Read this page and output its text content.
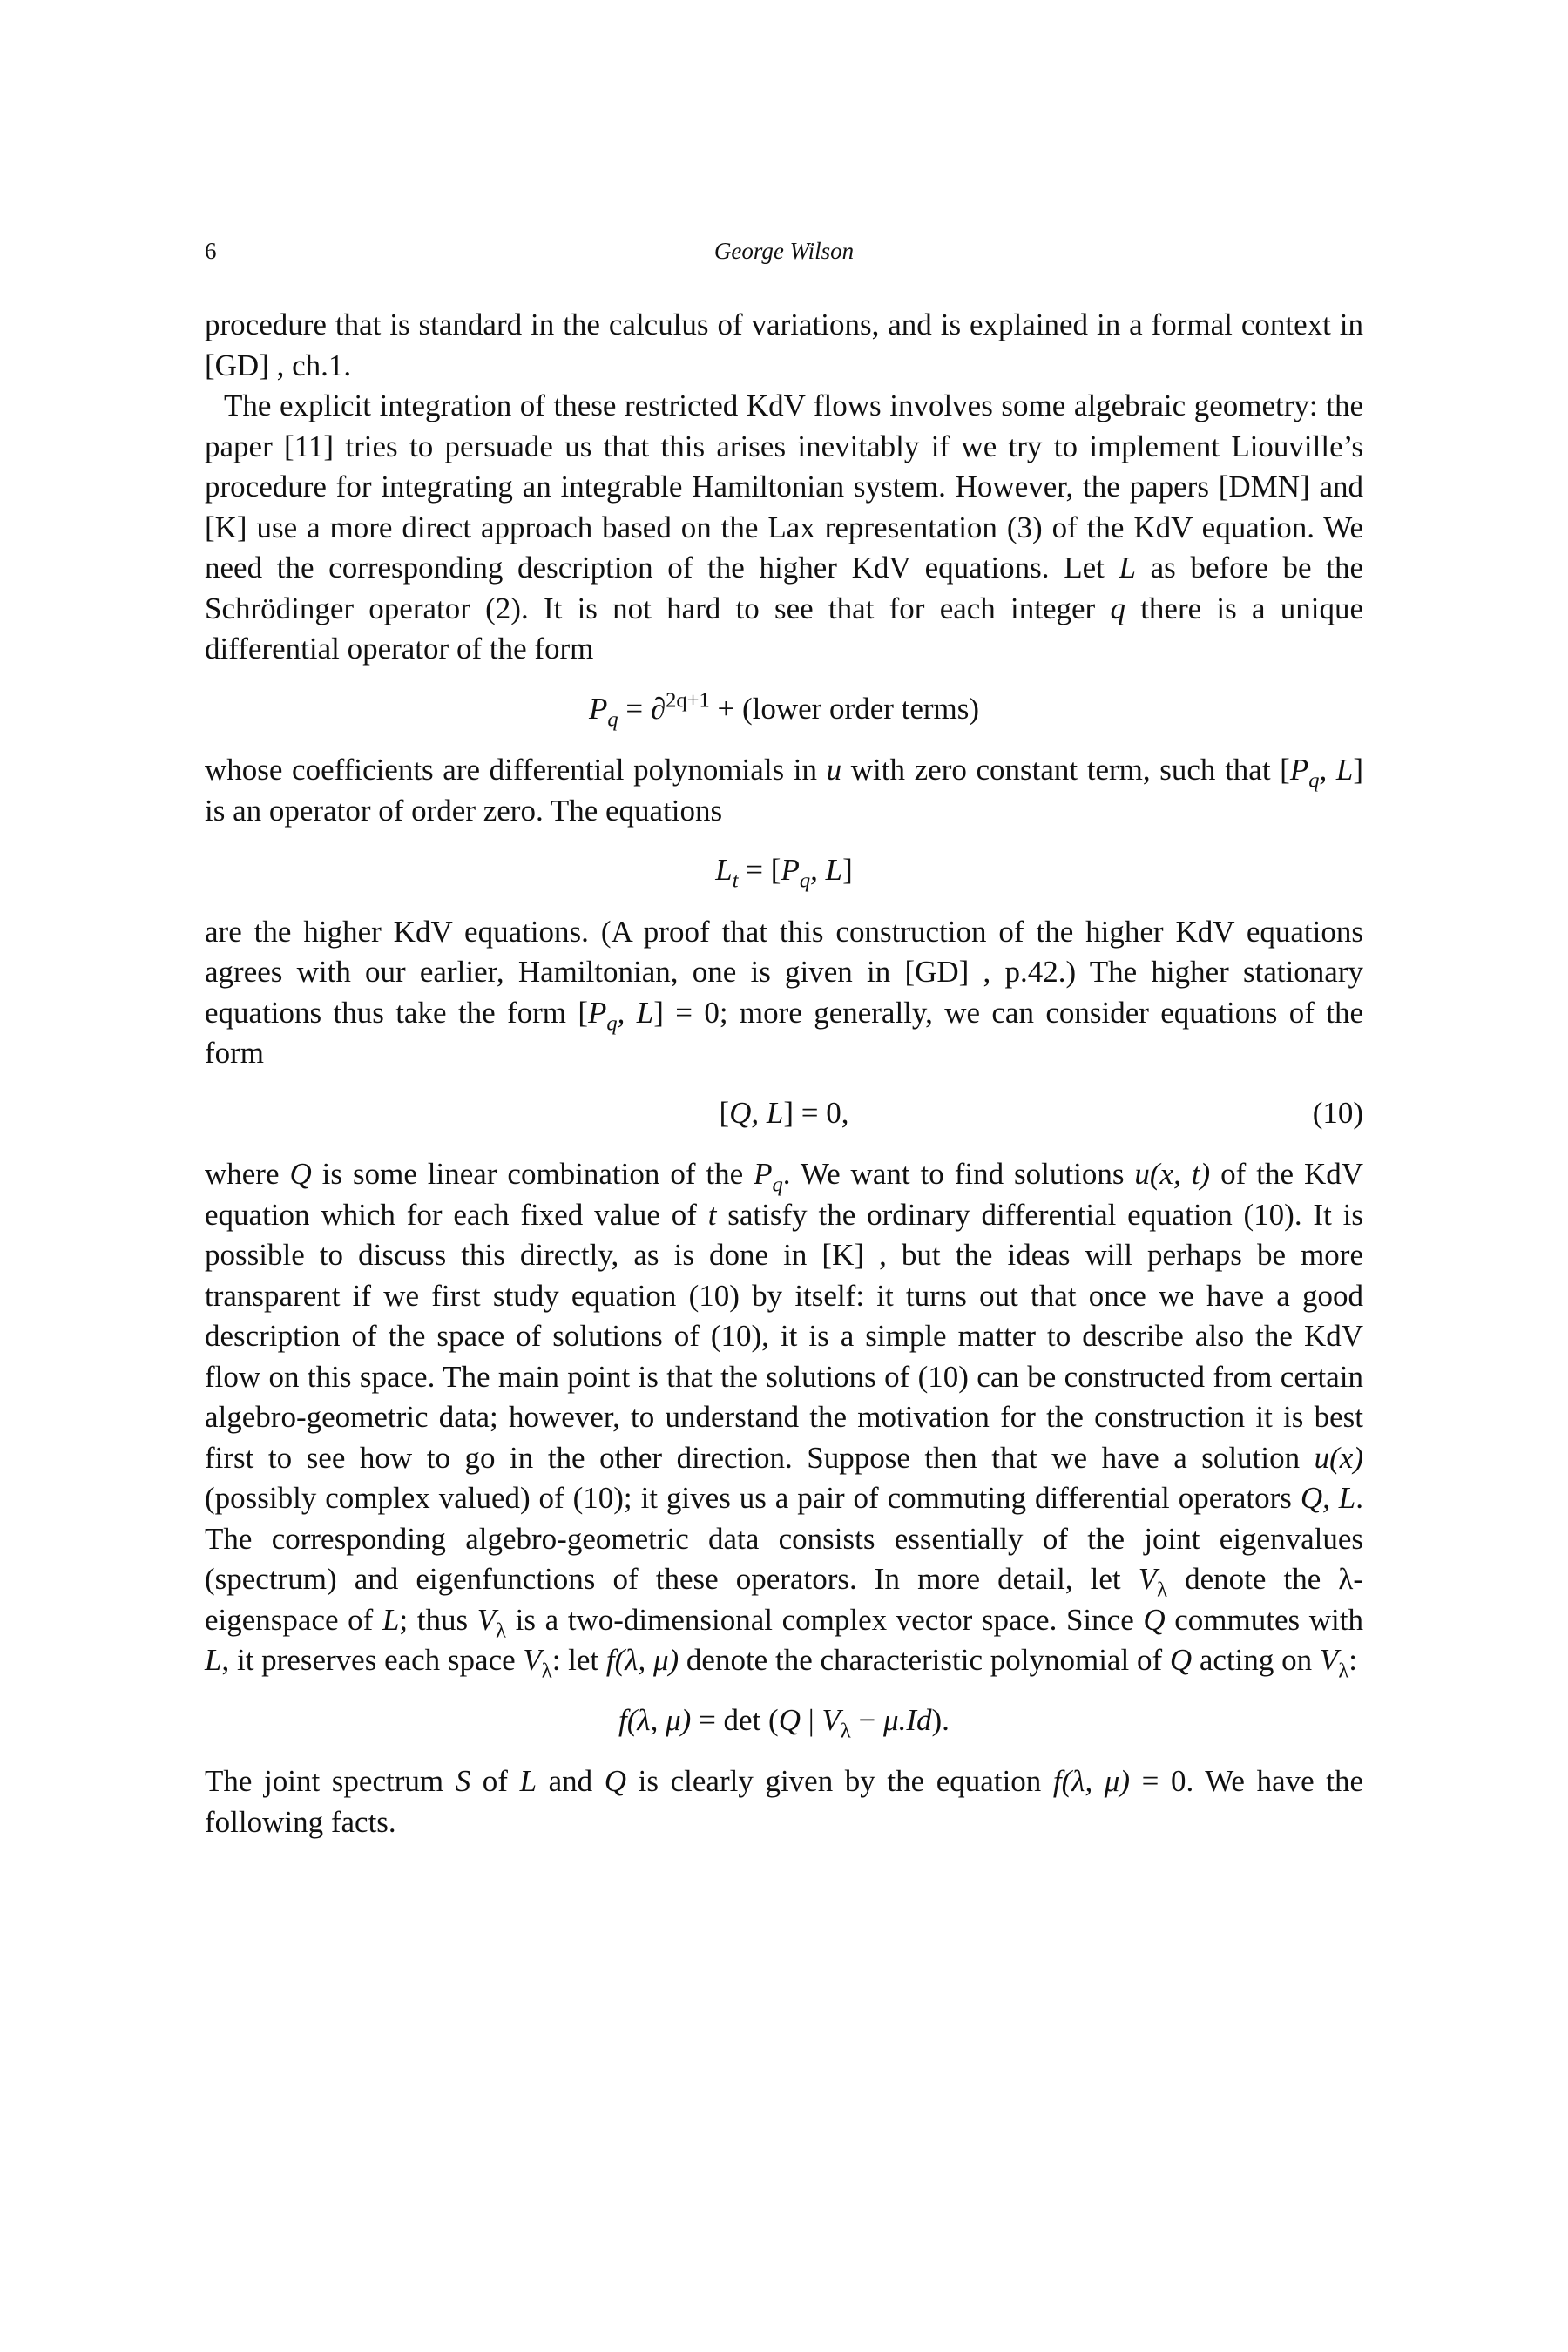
6	George Wilson

procedure that is standard in the calculus of variations, and is explained in a formal context in [GD] , ch.1.

The explicit integration of these restricted KdV flows involves some algebraic geometry: the paper [11] tries to persuade us that this arises inevitably if we try to implement Liouville’s procedure for integrating an integrable Hamiltonian system. However, the papers [DMN] and [K] use a more direct approach based on the Lax representation (3) of the KdV equation. We need the corresponding description of the higher KdV equations. Let L as before be the Schrödinger operator (2). It is not hard to see that for each integer q there is a unique differential operator of the form

$P_q = \partial^{2q+1}$ + (lower order terms)

whose coefficients are differential polynomials in u with zero constant term, such that [$P_q$, L] is an operator of order zero. The equations

$L_t = [P_q$, L]

are the higher KdV equations. (A proof that this construction of the higher KdV equations agrees with our earlier, Hamiltonian, one is given in [GD] , p.42.) The higher stationary equations thus take the form [$P_q$, L] = 0; more generally, we can consider equations of the form

[Q, L] = 0,	(10)

where Q is some linear combination of the $P_q$. We want to find solutions u(x, t) of the KdV equation which for each fixed value of t satisfy the ordinary differential equation (10). It is possible to discuss this directly, as is done in [K] , but the ideas will perhaps be more transparent if we first study equation (10) by itself: it turns out that once we have a good description of the space of solutions of (10), it is a simple matter to describe also the KdV flow on this space. The main point is that the solutions of (10) can be constructed from certain algebro-geometric data; however, to understand the motivation for the construction it is best first to see how to go in the other direction. Suppose then that we have a solution u(x) (possibly complex valued) of (10); it gives us a pair of commuting differential operators Q, L. The corresponding algebro-geometric data consists essentially of the joint eigenvalues (spectrum) and eigenfunctions of these operators. In more detail, let $V_\lambda$ denote the λ-eigenspace of L; thus $V_\lambda$ is a two-dimensional complex vector space. Since Q commutes with L, it preserves each space $V_\lambda$: let f(λ, μ) denote the characteristic polynomial of Q acting on $V_\lambda$:

f(λ, μ) = det (Q | $V_\lambda - \mu.Id$).

The joint spectrum S of L and Q is clearly given by the equation f(λ, μ) = 0. We have the following facts.
